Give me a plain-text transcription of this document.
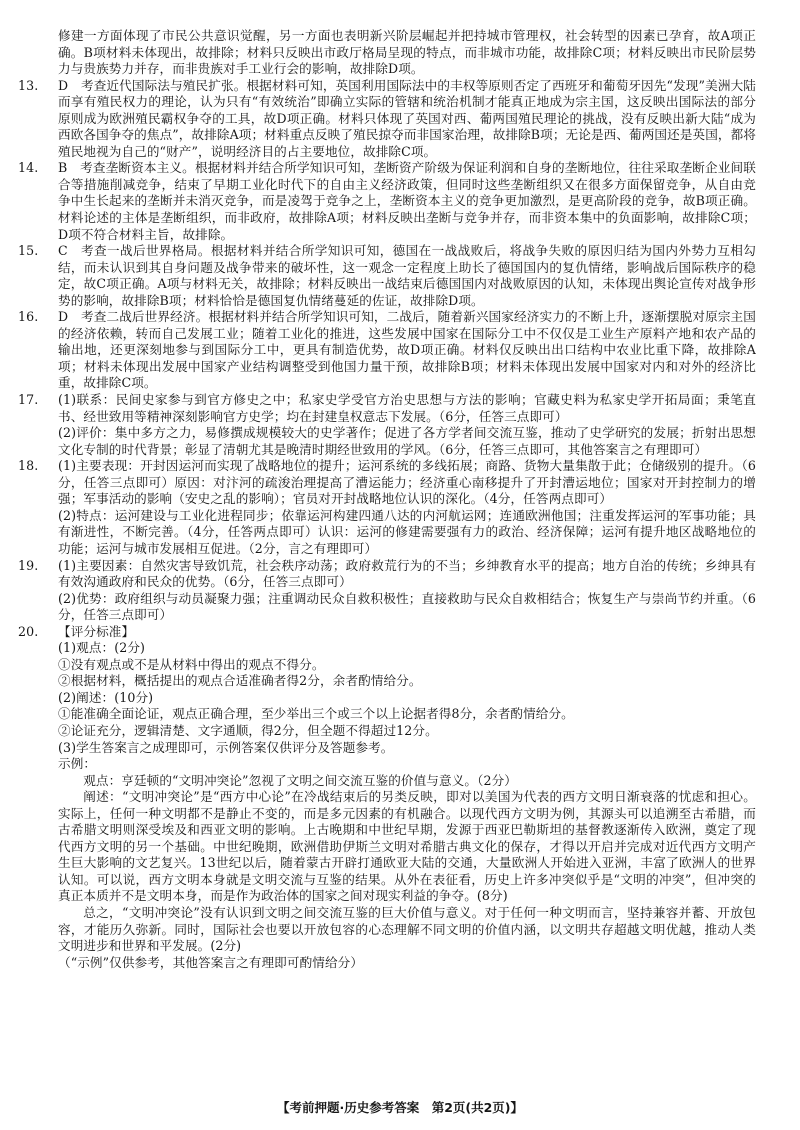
修建一方面体现了市民公共意识觉醒，另一方面也表明新兴阶层崛起并把持城市管理权，社会转型的因素已孕育，故A项正确。B项材料未体现出，故排除；材料只反映出市政厅格局呈现的特点，而非城市功能，故排除C项；材料反映出市民阶层势力与贵族势力并存，而非贵族对手工业行会的影响，故排除D项。

13. D　考查近代国际法与殖民扩张。根据材料可知，英国利用国际法中的丰权等原则否定了西班牙和葡萄牙因先“发现”美洲大陆而享有殖民权力的理论，认为只有“有效统治”即确立实际的管辖和统治机制才能真正地成为宗主国，这反映出国际法的部分原则成为欧洲殖民霸权争夺的工具，故D项正确。材料只体现了英国对西、葡两国殖民理论的挑战，没有反映出新大陆“成为西欧各国争夺的焦点”，故排除A项；材料重点反映了殖民掠夺而非国家治理，故排除B项；无论是西、葡两国还是英国，都将殖民地视为自己的“财产”，说明经济目的占主要地位，故排除C项。

14. B　考查垄断资本主义。根据材料并结合所学知识可知，垄断资产阶级为保证利润和自身的垄断地位，往往采取垄断企业间联合等措施削减竞争，结束了早期工业化时代下的自由主义经济政策，但同时这些垄断组织又在很多方面保留竞争，从自由竞争中生长起来的垄断并未消灭竞争，而是凌驾于竞争之上，垄断资本主义的竞争更加激烈，是更高阶段的竞争，故B项正确。材料论述的主体是垄断组织，而非政府，故排除A项；材料反映出垄断与竞争并存，而非资本集中的负面影响，故排除C项；D项不符合材料主旨，故排除。

15. C　考查一战后世界格局。根据材料并结合所学知识可知，德国在一战战败后，将战争失败的原因归结为国内外势力互相勾结，而未认识到其自身问题及战争带来的破坏性，这一观念一定程度上助长了德国国内的复仇情绪，影响战后国际秩序的稳定，故C项正确。A项与材料无关，故排除；材料反映出一战结束后德国国内对战败原因的认知，未体现出舆论宣传对战争形势的影响，故排除B项；材料恰恰是德国复仇情绪蔓延的佐证，故排除D项。

16. D　考查二战后世界经济。根据材料并结合所学知识可知，二战后，随着新兴国家经济实力的不断上升，逐渐摆脱对原宗主国的经济依赖，转而自己发展工业；随着工业化的推进，这些发展中国家在国际分工中不仅仅是工业生产原料产地和农产品的输出地，还更深刻地参与到国际分工中，更具有制造优势，故D项正确。材料仅反映出出口结构中农业比重下降，故排除A项；材料未体现出发展中国家产业结构调整受到他国力量干预，故排除B项；材料未体现出发展中国家对内和对外的经济比重，故排除C项。

17. (1)联系：民间史家参与到官方修史之中；私家史学受官方治史思想与方法的影响；官藏史料为私家史学开拓局面；秉笔直书、经世致用等精神深刻影响官方史学；均在封建皇权意志下发展。（6分，任答三点即可）

(2)评价：集中多方之力，易修撰成规模较大的史学著作；促进了各方学者间交流互鉴，推动了史学研究的发展；折射出思想文化专制的时代背景；彰显了清朝尤其是晚清时期经世致用的学风。（6分，任答三点即可，其他答案言之有理即可）

18. (1)主要表现：开封因运河而实现了战略地位的提升；运河系统的多线拓展；商路、货物大量集散于此；仓储级别的提升。（6分，任答三点即可）原因：对汴河的疏浚治理提高了漕运能力；经济重心南移提升了开封漕运地位；国家对开封控制力的增强；军事活动的影响（安史之乱的影响）；官员对开封战略地位认识的深化。（4分，任答两点即可）

(2)特点：运河建设与工业化进程同步；依靠运河构建四通八达的内河航运网；连通欧洲他国；注重发挥运河的军事功能；具有渐进性，不断完善。（4分，任答两点即可）认识：运河的修建需要强有力的政治、经济保障；运河有提升地区战略地位的功能；运河与城市发展相互促进。（2分，言之有理即可）

19. (1)主要因素：自然灾害导致饥荒，社会秩序动荡；政府救荒行为的不当；乡绅教育水平的提高；地方自治的传统；乡绅具有有效沟通政府和民众的优势。（6分，任答三点即可）

(2)优势：政府组织与动员凝聚力强；注重调动民众自救积极性；直接救助与民众自救相结合；恢复生产与崇尚节约并重。（6分，任答三点即可）

20. 【评分标准】

(1)观点：(2分)

①没有观点或不是从材料中得出的观点不得分。

②根据材料，概括提出的观点合适准确者得2分，余者酌情给分。

(2)阐述：(10分)

①能准确全面论证，观点正确合理，至少举出三个或三个以上论据者得8分，余者酌情给分。

②论证充分，逻辑清楚、文字通顺，得2分，但全题不得超过12分。

(3)学生答案言之成理即可，示例答案仅供评分及答题参考。

示例：

观点：亨廷顿的“文明冲突论”忽视了文明之间交流互鉴的价值与意义。（2分）

阐述：“文明冲突论”是“西方中心论”在冷战结束后的另类反映，即对以美国为代表的西方文明日渐衰落的忧虑和担心。实际上，任何一种文明都不是静止不变的，而是多元因素的有机融合。以现代西方文明为例，其源头可以追溯至古希腊，而古希腊文明则深受埃及和西亚文明的影响。上古晚期和中世纪早期，发源于西亚巴勒斯坦的基督教逐渐传入欧洲，奠定了现代西方文明的另一个基础。中世纪晚期，欧洲借助伊斯兰文明对希腊古典文化的保存，才得以开启并完成对近代西方文明产生巨大影响的文艺复兴。13世纪以后，随着蒙古开辟打通欧亚大陆的交通，大量欧洲人开始进入亚洲，丰富了欧洲人的世界认知。可以说，西方文明本身就是文明交流与互鉴的结果。从外在表征看，历史上许多冲突似乎是“文明的冲突”，但冲突的真正本质并不是文明本身，而是作为政治体的国家之间对现实利益的争夺。(8分)

总之，“文明冲突论”没有认识到文明之间交流互鉴的巨大价值与意义。对于任何一种文明而言，坚持兼容并蓄、开放包容，才能历久弥新。同时，国际社会也要以开放包容的心态理解不同文明的价值内涵，以文明共存超越文明优越，推动人类文明进步和世界和平发展。(2分)

（“示例”仅供参考，其他答案言之有理即可酌情给分）

【考前押题·历史参考答案　第2页(共2页)】
